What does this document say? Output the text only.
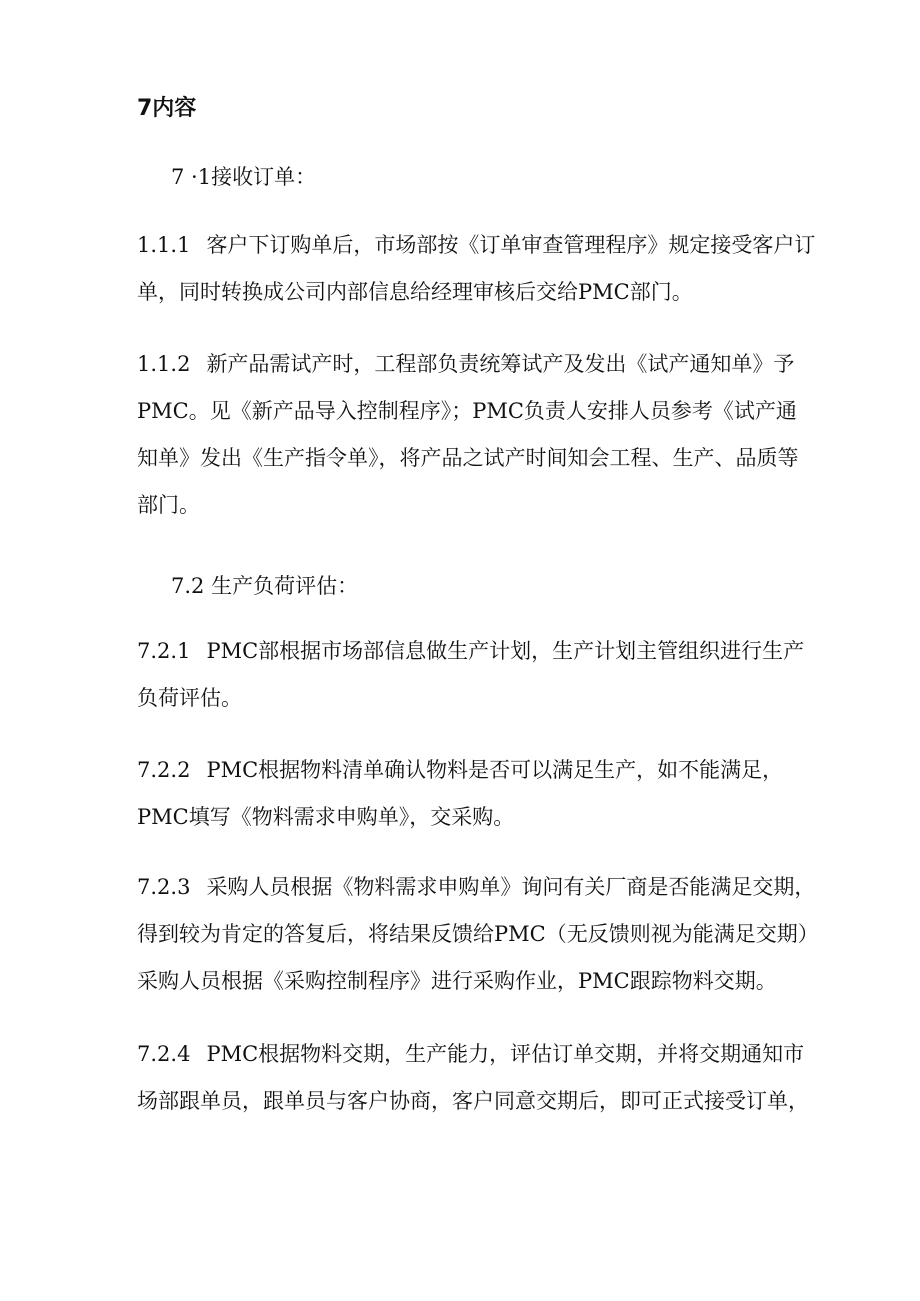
7内容
7 ·1接收订单：
1.1.1 客户下订购单后，市场部按《订单审查管理程序》规定接受客户订
单，同时转换成公司内部信息给经理审核后交给PMC部门。
1.1.2 新产品需试产时，工程部负责统筹试产及发出《试产通知单》予
PMC。见《新产品导入控制程序》；PMC负责人安排人员参考《试产通
知单》发出《生产指令单》，将产品之试产时间知会工程、生产、品质等
部门。
7.2 生产负荷评估：
7.2.1 PMC部根据市场部信息做生产计划，生产计划主管组织进行生产
负荷评估。
7.2.2 PMC根据物料清单确认物料是否可以满足生产，如不能满足，
PMC填写《物料需求申购单》，交采购。
7.2.3 采购人员根据《物料需求申购单》询问有关厂商是否能满足交期，
得到较为肯定的答复后，将结果反馈给PMC（无反馈则视为能满足交期）
采购人员根据《采购控制程序》进行采购作业，PMC跟踪物料交期。
7.2.4 PMC根据物料交期，生产能力，评估订单交期，并将交期通知市
场部跟单员，跟单员与客户协商，客户同意交期后，即可正式接受订单，
